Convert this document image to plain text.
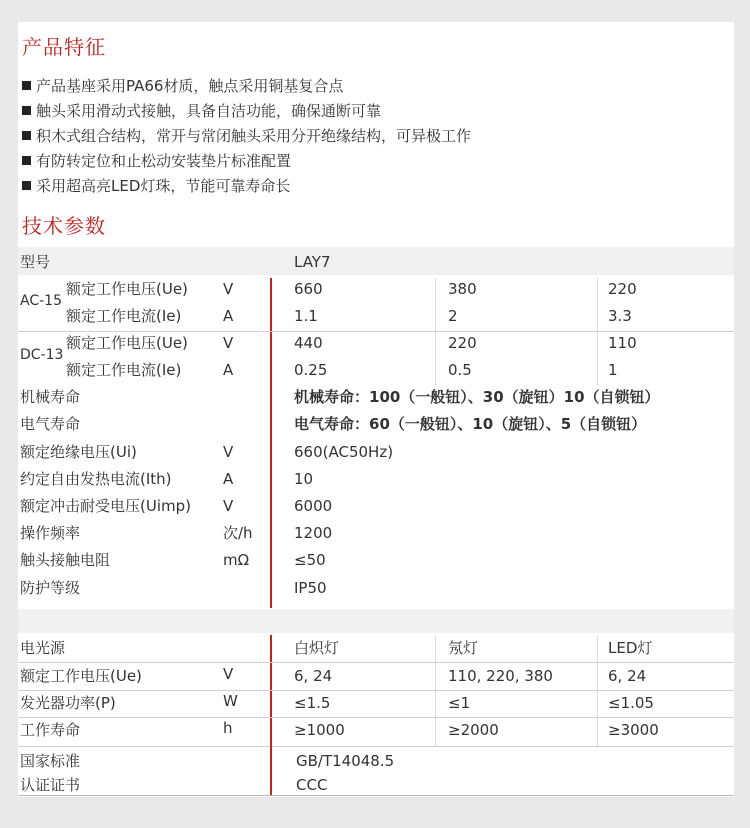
产品特征
产品基座采用PA66材质，触点采用铜基复合点
触头采用滑动式接触，具备自洁功能，确保通断可靠
积木式组合结构，常开与常闭触头采用分开绝缘结构，可异极工作
有防转定位和止松动安装垫片标准配置
采用超高亮LED灯珠，节能可靠寿命长
技术参数
型号	LAY7
AC-15
额定工作电压(Ue) V	660	380	220
额定工作电流(Ie)	A	1.1	2	3.3
DC-13
额定工作电压(Ue) V	440	220	110
额定工作电流(Ie)	A	0.25	0.5	1
机械寿命	机械寿命：100（一般钮）、30（旋钮）10（自锁钮）
电气寿命	电气寿命：60（一般钮）、10（旋钮）、5（自锁钮）
额定绝缘电压(Ui)	V	660(AC50Hz)
约定自由发热电流(Ith)	A	10
额定冲击耐受电压(Uimp) V	6000
操作频率	次/h	1200
触头接触电阻	mΩ	≤50
防护等级	IP50
电光源	白炽灯	氖灯	LED灯
额定工作电压(Ue)	V	6, 24	110, 220, 380	6, 24
发光器功率(P)	W	≤1.5	≤1	≤1.05
工作寿命	h	≥1000	≥2000	≥3000
国家标准	GB/T14048.5
认证证书	CCC
